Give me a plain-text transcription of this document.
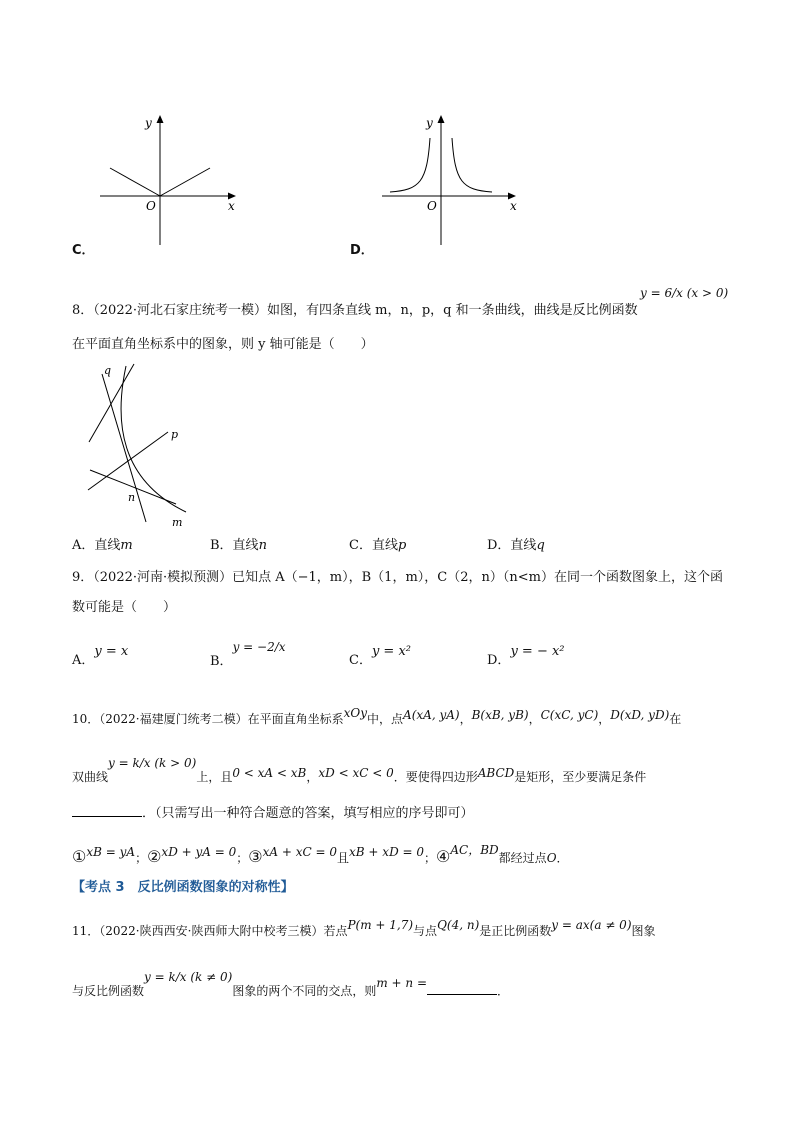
y
x
O
C．
y
x
O
D．
8．（2022·河北石家庄统考一模）如图，有四条直线 m，n，p，q 和一条曲线，曲线是反比例函数
y = 6/x (x > 0)
在平面直角坐标系中的图象，则 y 轴可能是（　　）
q
p
n
m
A．直线m	B．直线n	C．直线p	D．直线q
9．（2022·河南·模拟预测）已知点 A（−1，m），B（1，m），C（2，n）（n<m）在同一个函数图象上，这个函
数可能是（　　）
A．y = x
B．y = −2/x
C．y = x²
D．y = − x²
10．（2022·福建厦门统考二模）在平面直角坐标系xOy中，点A(xA, yA)，B(xB, yB)，C(xC, yC)，D(xD, yD)在
双曲线y = k/x (k > 0)上，且0 < xA < xB，xD < xC < 0．要使得四边形ABCD是矩形，至少要满足条件
．（只需写出一种符合题意的答案，填写相应的序号即可）
①xB = yA；②xD + yA = 0；③xA + xC = 0且xB + xD = 0；④AC，BD都经过点O．
【考点 3　反比例函数图象的对称性】
11．（2022·陕西西安·陕西师大附中校考三模）若点P(m + 1,7)与点Q(4, n)是正比例函数y = ax(a ≠ 0)图象
与反比例函数y = k/x (k ≠ 0)图象的两个不同的交点，则m + n =．
